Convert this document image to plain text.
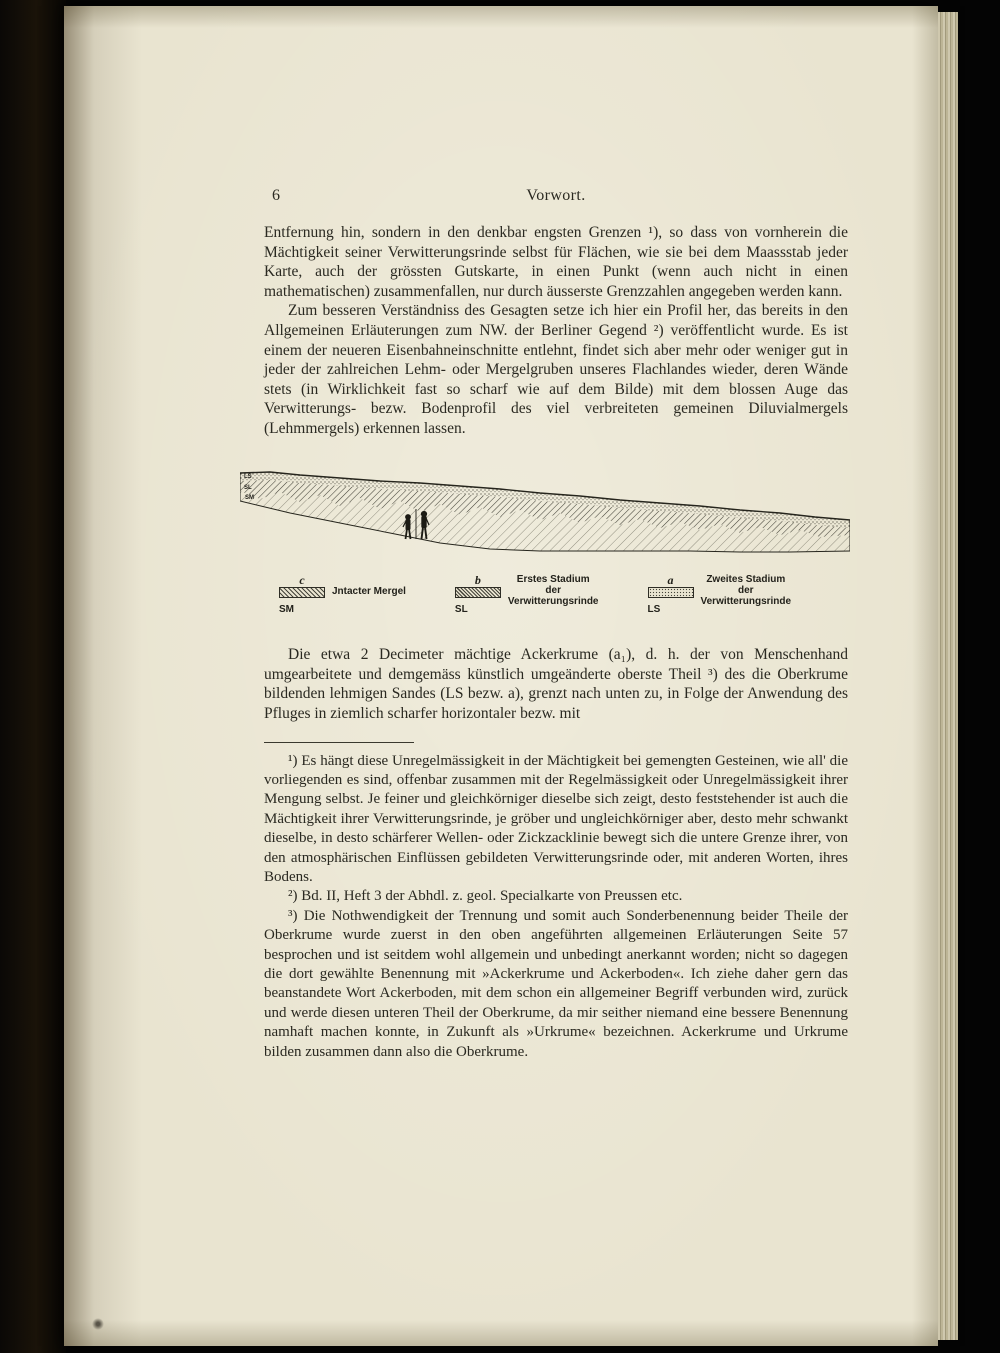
6	Vorwort.

Entfernung hin, sondern in den denkbar engsten Grenzen ¹), so dass von vornherein die Mächtigkeit seiner Verwitterungsrinde selbst für Flächen, wie sie bei dem Maassstab jeder Karte, auch der grössten Gutskarte, in einen Punkt (wenn auch nicht in einen mathematischen) zusammenfallen, nur durch äusserste Grenzzahlen angegeben werden kann.

Zum besseren Verständniss des Gesagten setze ich hier ein Profil her, das bereits in den Allgemeinen Erläuterungen zum NW. der Berliner Gegend ²) veröffentlicht wurde. Es ist einem der neueren Eisenbahneinschnitte entlehnt, findet sich aber mehr oder weniger gut in jeder der zahlreichen Lehm- oder Mergelgruben unseres Flachlandes wieder, deren Wände stets (in Wirklichkeit fast so scharf wie auf dem Bilde) mit dem blossen Auge das Verwitterungs- bezw. Bodenprofil des viel verbreiteten gemeinen Diluvialmergels (Lehmmergels) erkennen lassen.

LS
SL
SM
c
SM
Jntacter Mergel
b
SL
Erstes Stadium
der
Verwitterungsrinde
a
LS
Zweites Stadium
der
Verwitterungsrinde

Die etwa 2 Decimeter mächtige Ackerkrume (a₁), d. h. der von Menschenhand umgearbeitete und demgemäss künstlich umgeänderte oberste Theil ³) des die Oberkrume bildenden lehmigen Sandes (LS bezw. a), grenzt nach unten zu, in Folge der Anwendung des Pfluges in ziemlich scharfer horizontaler bezw. mit

¹) Es hängt diese Unregelmässigkeit in der Mächtigkeit bei gemengten Gesteinen, wie all' die vorliegenden es sind, offenbar zusammen mit der Regelmässigkeit oder Unregelmässigkeit ihrer Mengung selbst. Je feiner und gleichkörniger dieselbe sich zeigt, desto feststehender ist auch die Mächtigkeit ihrer Verwitterungsrinde, je gröber und ungleichkörniger aber, desto mehr schwankt dieselbe, in desto schärferer Wellen- oder Zickzacklinie bewegt sich die untere Grenze ihrer, von den atmosphärischen Einflüssen gebildeten Verwitterungsrinde oder, mit anderen Worten, ihres Bodens.

²) Bd. II, Heft 3 der Abhdl. z. geol. Specialkarte von Preussen etc.

³) Die Nothwendigkeit der Trennung und somit auch Sonderbenennung beider Theile der Oberkrume wurde zuerst in den oben angeführten allgemeinen Erläuterungen Seite 57 besprochen und ist seitdem wohl allgemein und unbedingt anerkannt worden; nicht so dagegen die dort gewählte Benennung mit »Ackerkrume und Ackerboden«. Ich ziehe daher gern das beanstandete Wort Ackerboden, mit dem schon ein allgemeiner Begriff verbunden wird, zurück und werde diesen unteren Theil der Oberkrume, da mir seither niemand eine bessere Benennung namhaft machen konnte, in Zukunft als »Urkrume« bezeichnen. Ackerkrume und Urkrume bilden zusammen dann also die Oberkrume.
